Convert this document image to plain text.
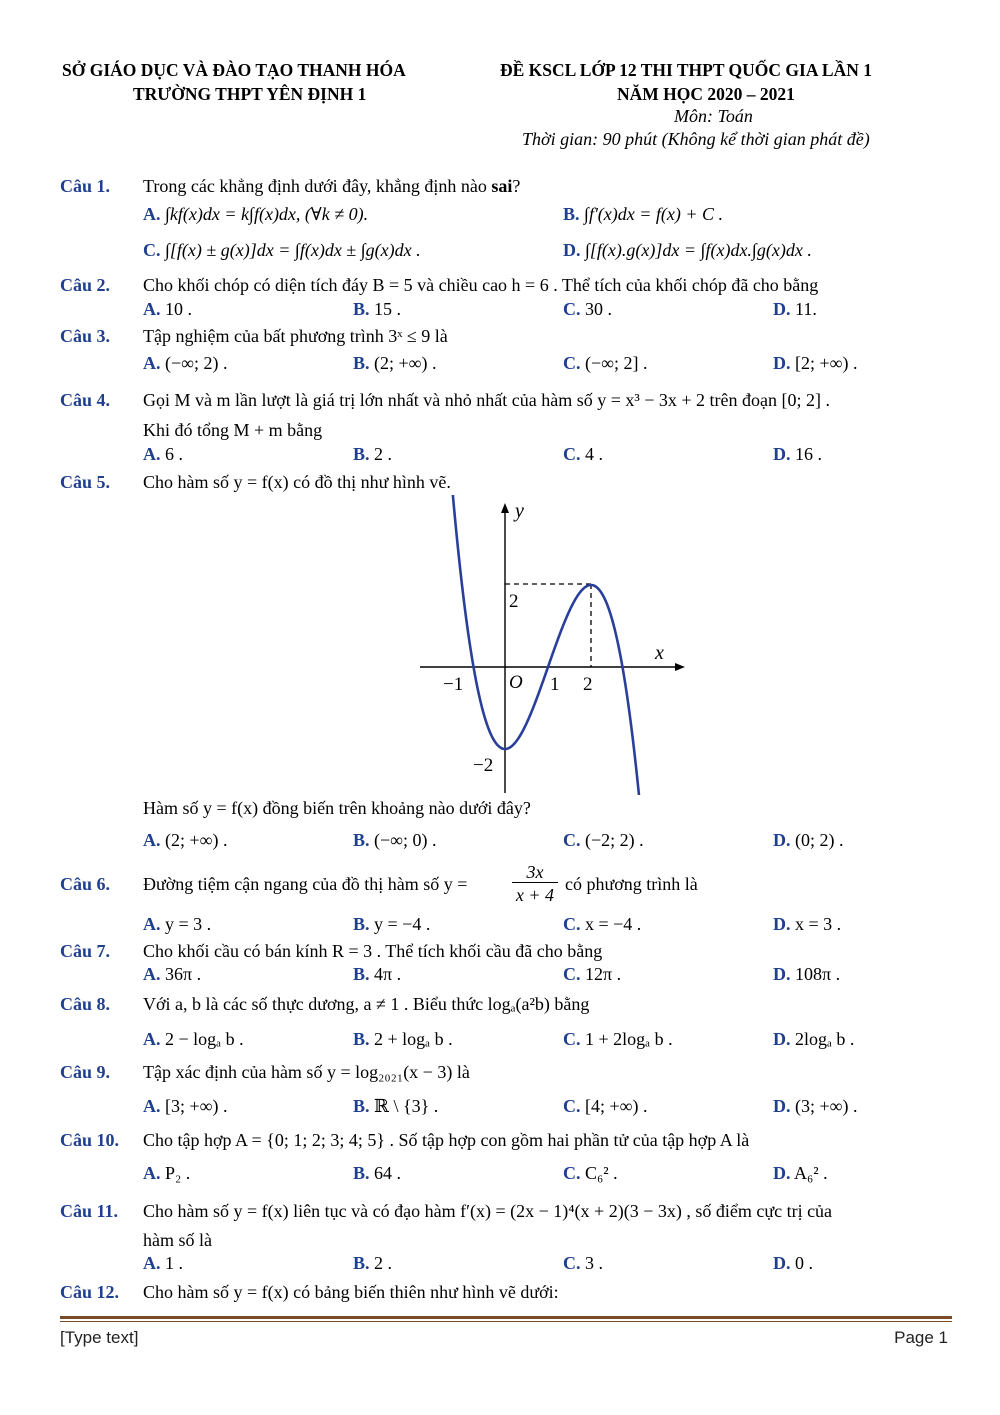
SỞ GIÁO DỤC VÀ ĐÀO TẠO THANH HÓA
TRƯỜNG THPT YÊN ĐỊNH 1
ĐỀ KSCL LỚP 12 THI THPT QUỐC GIA LẦN 1
NĂM HỌC 2020 – 2021
Môn: Toán
Thời gian: 90 phút (Không kể thời gian phát đề)
Câu 1. Trong các khẳng định dưới đây, khẳng định nào sai?
A. ∫kf(x)dx = k∫f(x)dx, (∀k ≠ 0).	B. ∫f'(x)dx = f(x) + C .
C. ∫[f(x) ± g(x)]dx = ∫f(x)dx ± ∫g(x)dx .	D. ∫[f(x).g(x)]dx = ∫f(x)dx.∫g(x)dx .
Câu 2. Cho khối chóp có diện tích đáy B = 5 và chiều cao h = 6 . Thể tích của khối chóp đã cho bằng
A. 10 .	B. 15 .	C. 30 .	D. 11.
Câu 3. Tập nghiệm của bất phương trình 3ˣ ≤ 9 là
A. (−∞; 2) .	B. (2; +∞) .	C. (−∞; 2] .	D. [2; +∞) .
Câu 4. Gọi M và m lần lượt là giá trị lớn nhất và nhỏ nhất của hàm số y = x³ − 3x + 2 trên đoạn [0; 2] .
Khi đó tổng M + m bằng
A. 6 .	B. 2 .	C. 4 .	D. 16 .
Câu 5. Cho hàm số y = f(x) có đồ thị như hình vẽ.
y
x
O
−1	1 2
2
−2
Hàm số y = f(x) đồng biến trên khoảng nào dưới đây?
A. (2; +∞) .	B. (−∞; 0) .	C. (−2; 2) .	D. (0; 2) .
Câu 6. Đường tiệm cận ngang của đồ thị hàm số $y = \frac{3x}{x + 4}$ có phương trình là
A. y = 3 .	B. y = −4 .	C. x = −4 .	D. x = 3 .
Câu 7. Cho khối cầu có bán kính R = 3 . Thể tích khối cầu đã cho bằng
A. 36π .	B. 4π .	C. 12π .	D. 108π .
Câu 8. Với a, b là các số thực dương, a ≠ 1 . Biểu thức logₐ(a²b) bằng
A. 2 − logₐ b .	B. 2 + logₐ b .	C. 1 + 2logₐ b .	D. 2logₐ b .
Câu 9. Tập xác định của hàm số y = log₂₀₂₁(x − 3) là
A. [3; +∞) .	B. ℝ \ {3} .	C. [4; +∞) .	D. (3; +∞) .
Câu 10. Cho tập hợp A = {0; 1; 2; 3; 4; 5} . Số tập hợp con gồm hai phần tử của tập hợp A là
A. P₂ .	B. 64 .	C. C₆² .	D. A₆² .
Câu 11. Cho hàm số y = f(x) liên tục và có đạo hàm f′(x) = (2x − 1)⁴(x + 2)(3 − 3x) , số điểm cực trị của
hàm số là
A. 1 .	B. 2 .	C. 3 .	D. 0 .
Câu 12. Cho hàm số y = f(x) có bảng biến thiên như hình vẽ dưới:
[Type text]	Page 1
